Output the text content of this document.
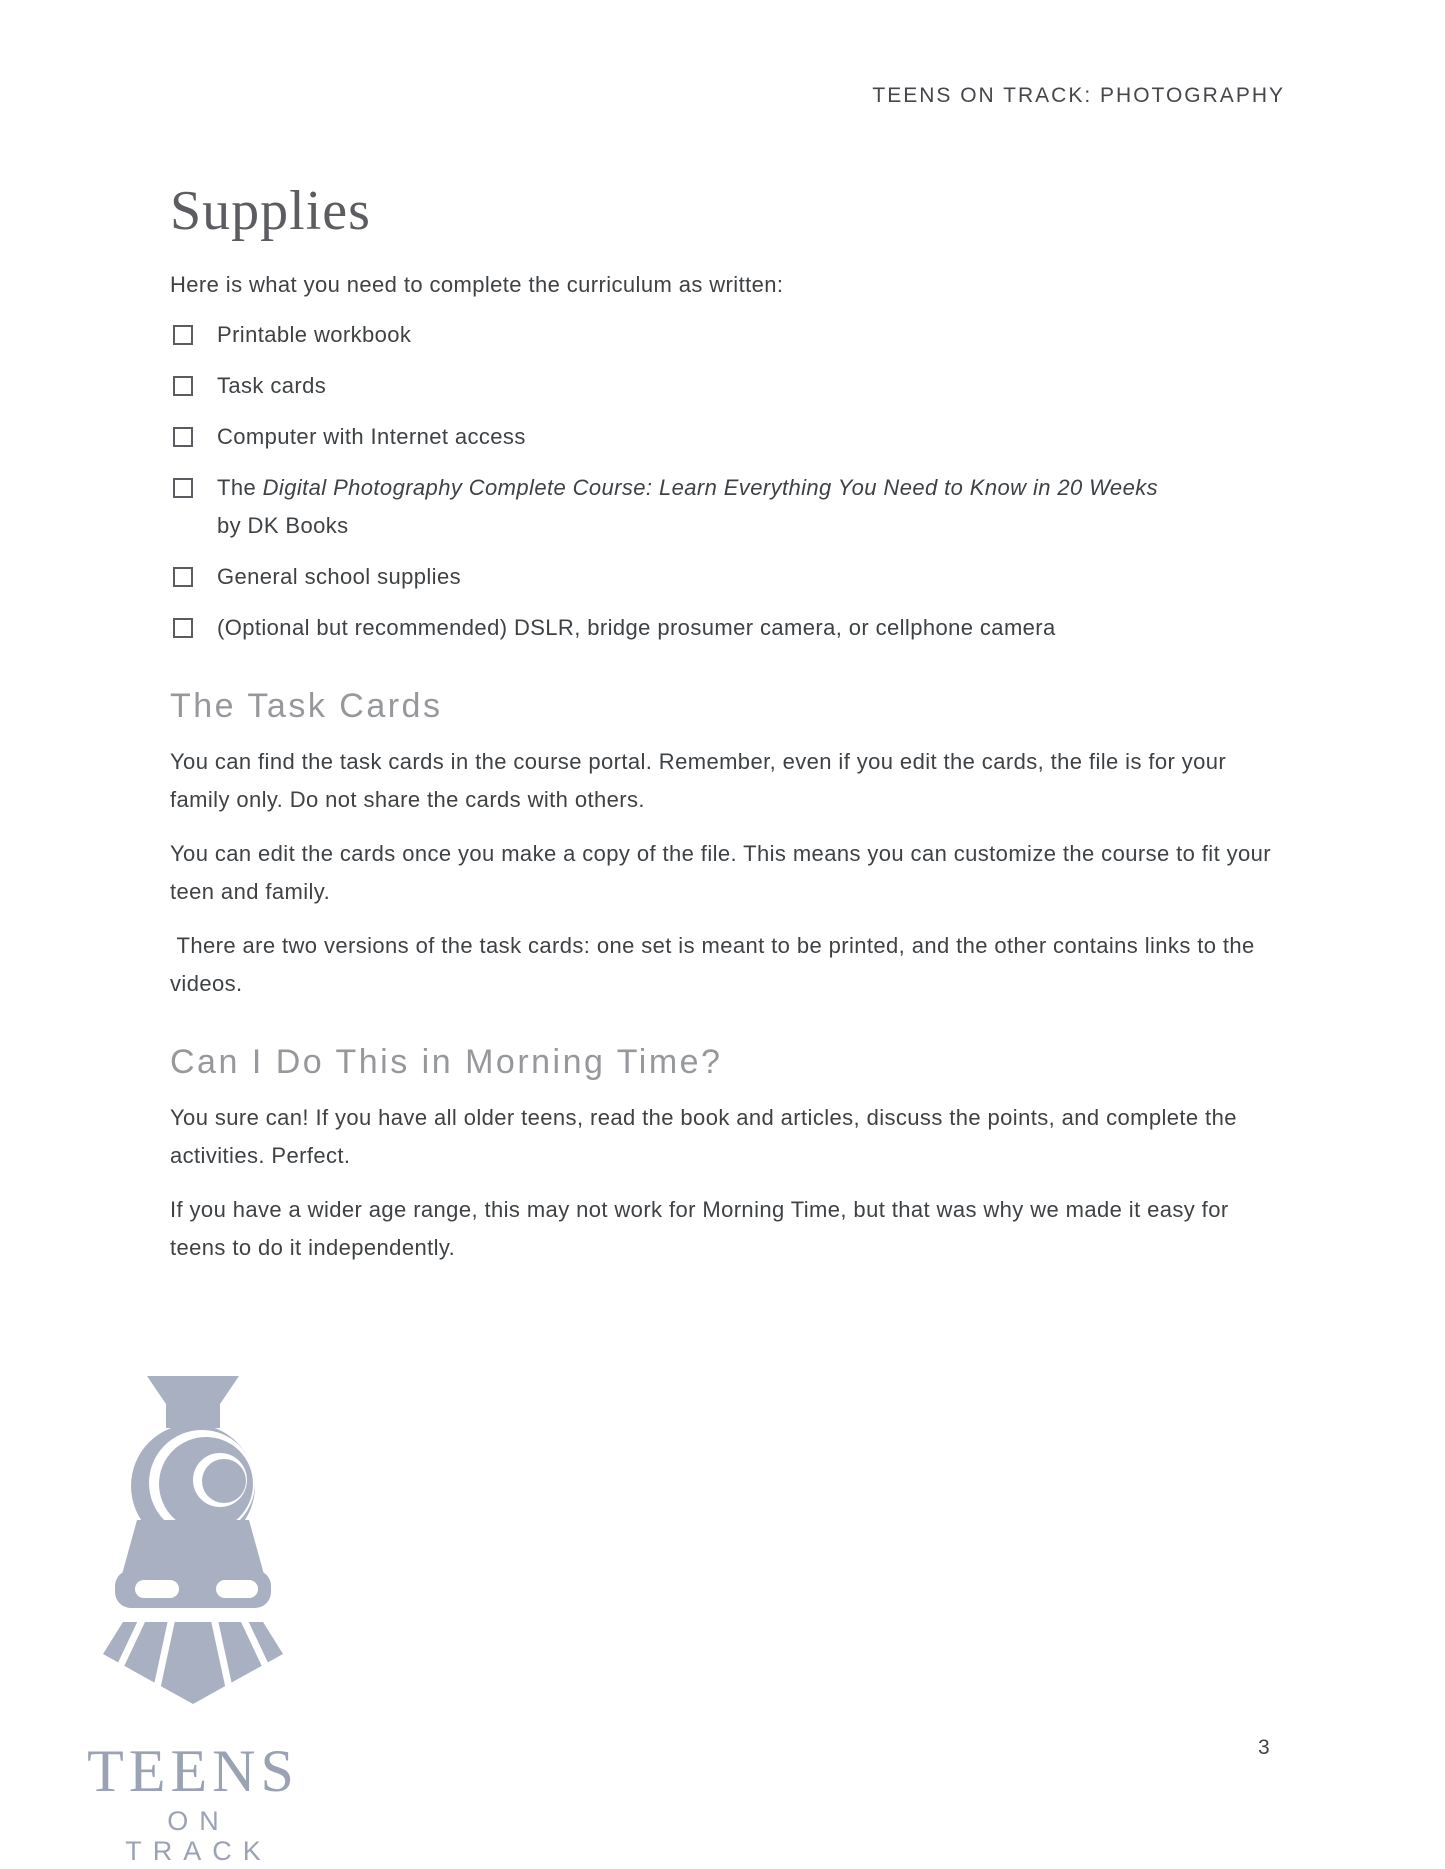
TEENS ON TRACK: PHOTOGRAPHY
Supplies

Here is what you need to complete the curriculum as written:

Printable workbook
Task cards
Computer with Internet access
The Digital Photography Complete Course: Learn Everything You Need to Know in 20 Weeks
by DK Books
General school supplies
(Optional but recommended) DSLR, bridge prosumer camera, or cellphone camera
The Task Cards

You can find the task cards in the course portal. Remember, even if you edit the cards, the file is for your family only. Do not share the cards with others.

You can edit the cards once you make a copy of the file. This means you can customize the course to fit your teen and family.

There are two versions of the task cards: one set is meant to be printed, and the other contains links to the videos.

Can I Do This in Morning Time?

You sure can! If you have all older teens, read the book and articles, discuss the points, and complete the activities. Perfect.

If you have a wider age range, this may not work for Morning Time, but that was why we made it easy for teens to do it independently.

TEENS
ON TRACK
3
